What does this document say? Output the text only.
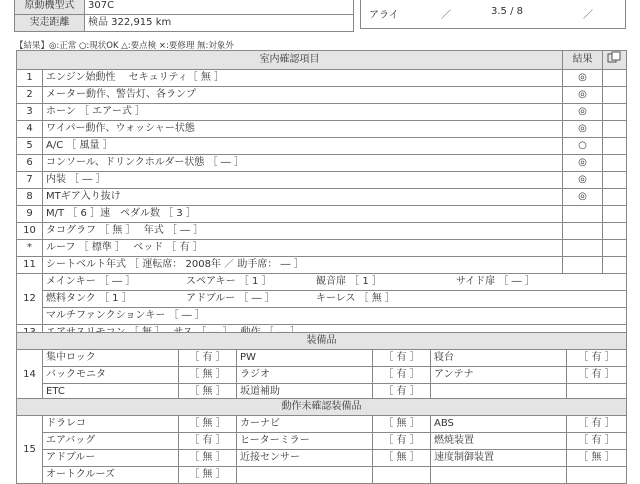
原動機型式	307C
実走距離	検品 322,915 km
アライ	／	3.5 / 8	／
【結果】◎:正常 ○:現状OK △:要点検 ×:要修理 無:対象外
室内確認項目		結果	
1	エンジン始動性　 セキュリティ［ 無 ］	◎	
2	メーター動作、警告灯、各ランプ	◎	
3	ホーン ［ エアー式 ］	◎	
4	ワイパー動作、ウォッシャー状態	◎	
5	A/C ［ 風量 ］	○	
6	コンソール、ドリンクホルダー状態 ［ ― ］	◎	
7	内装 ［ ― ］	◎	
8	MTギア入り抜け	◎	
9	M/T ［ 6 ］速　ペダル数 ［ 3 ］		
10	タコグラフ ［ 無 ］　 年式 ［ ― ］		
*	ルーフ ［ 標準 ］　 ベッド ［ 有 ］		
11	シートベルト年式 ［ 運転席： 2008年 ／ 助手席： ― ］		
12	メインキー ［ ― ］ スペアキー ［ 1 ］ 観音扉 ［ 1 ］ サイド扉 ［ ― ］		
	燃料タンク ［ 1 ］ アドブルー ［ ― ］ キーレス ［ 無 ］		
	マルチファンクションキー ［ ― ］		

装備品						
14	集中ロック	［ 有 ］	PW	［ 有 ］	寝台	［ 有 ］
	バックモニタ	［ 無 ］	ラジオ	［ 有 ］	アンテナ	［ 有 ］
	ETC	［ 無 ］	坂道補助	［ 有 ］		
動作未確認装備品						
15	ドラレコ	［ 無 ］	カーナビ	［ 無 ］	ABS	［ 有 ］
	エアバッグ	［ 有 ］	ヒーターミラー	［ 有 ］	燃焼装置	［ 有 ］
	アドブルー	［ 無 ］	近接センサー	［ 無 ］	速度制御装置	［ 無 ］
	オートクルーズ	［ 無 ］				
